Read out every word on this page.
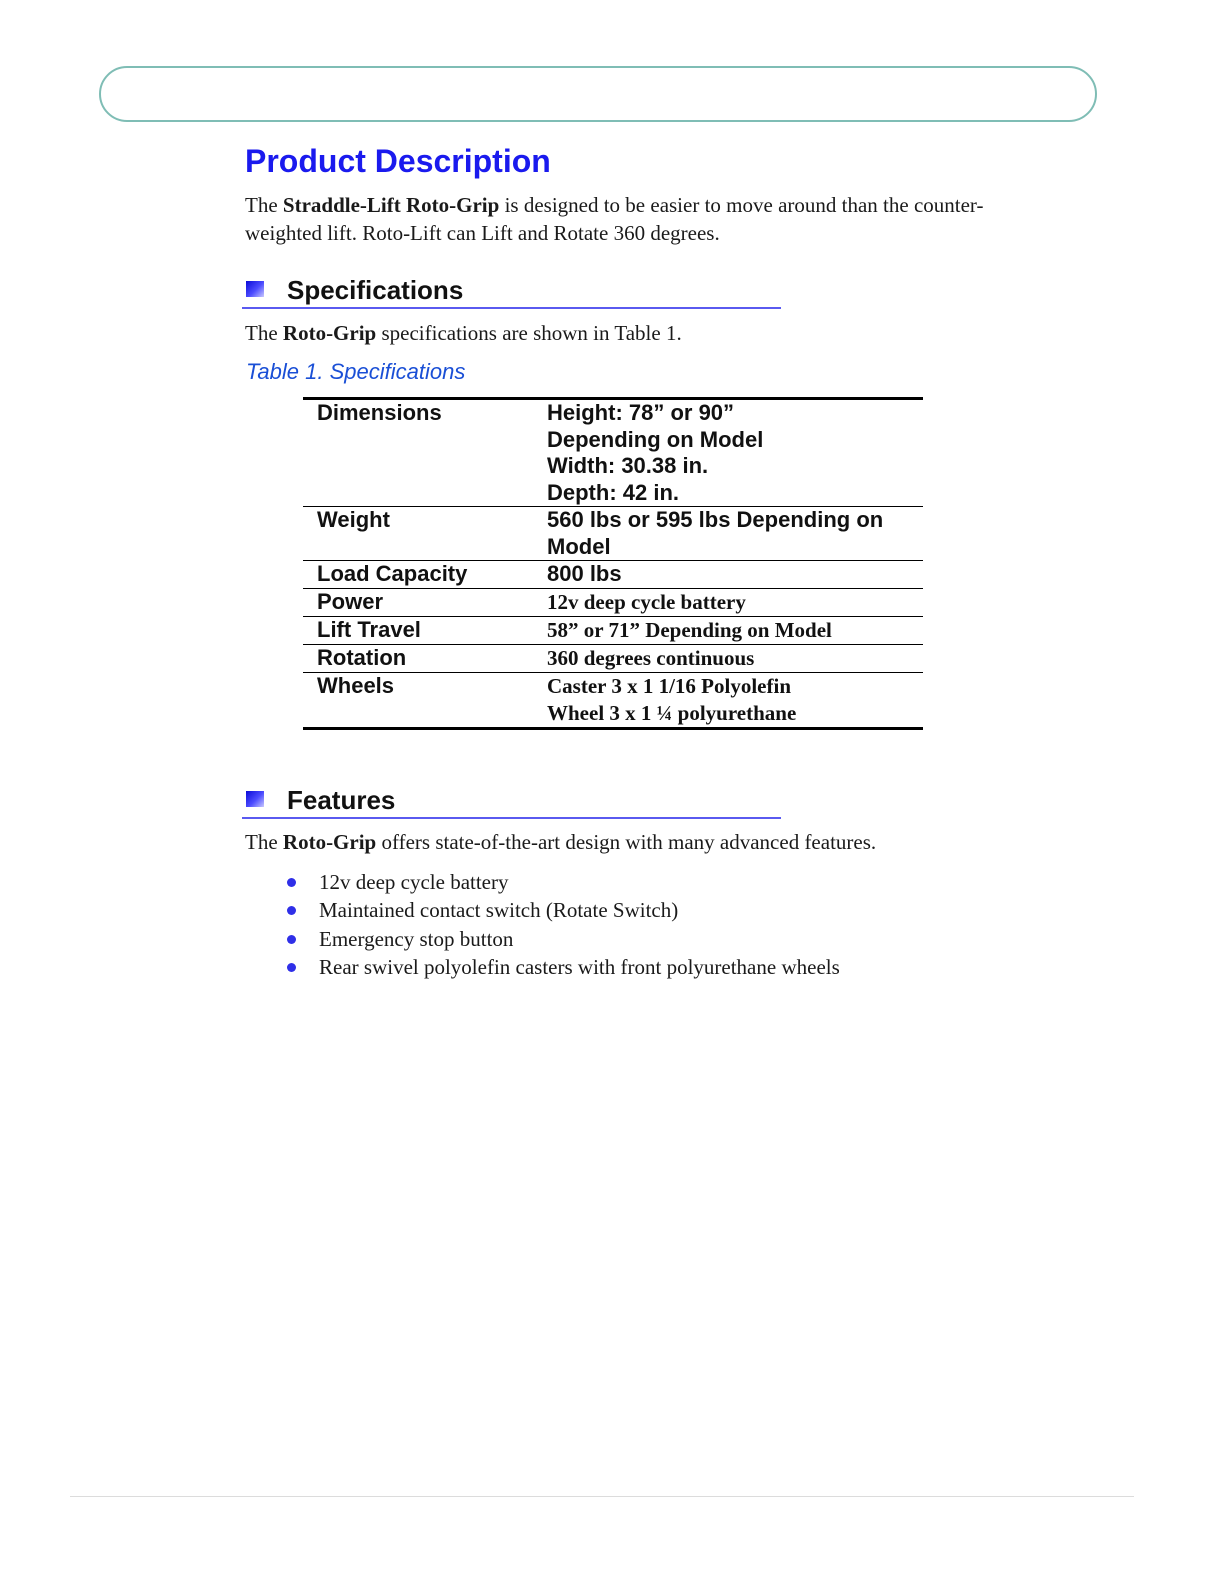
Product Description

The Straddle-Lift Roto-Grip is designed to be easier to move around than the counter-weighted lift. Roto-Lift can Lift and Rotate 360 degrees.

Specifications

The Roto-Grip specifications are shown in Table 1.

Table 1. Specifications

Dimensions	Height: 78” or 90”
Depending on Model
Width: 30.38 in.
Depth: 42 in.

Weight	560 lbs or 595 lbs Depending on
Model

Load Capacity	800 lbs

Power	12v deep cycle battery

Lift Travel	58” or 71” Depending on Model

Rotation	360 degrees continuous

Wheels	Caster 3 x 1 1/16 Polyolefin
Wheel 3 x 1 ¼ polyurethane
Features

The Roto-Grip offers state-of-the-art design with many advanced features.

12v deep cycle battery
Maintained contact switch (Rotate Switch)
Emergency stop button
Rear swivel polyolefin casters with front polyurethane wheels
